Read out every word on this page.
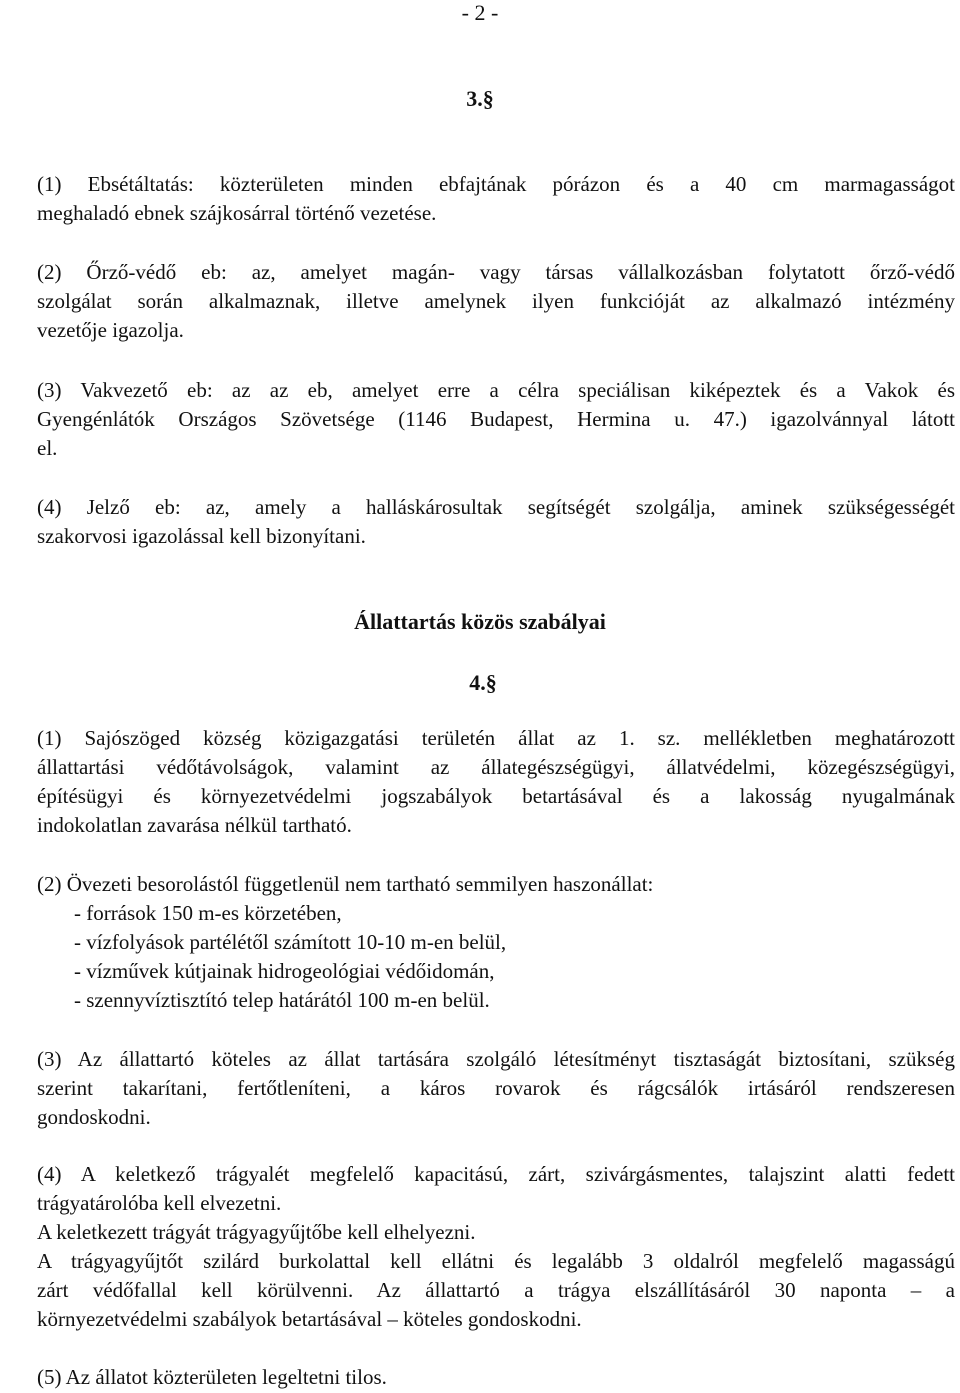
- 2 -
3.§
(1) Ebsétáltatás: közterületen minden ebfajtának pórázon és a 40 cm marmagasságot
meghaladó ebnek szájkosárral történő vezetése.
(2) Őrző-védő eb: az, amelyet magán- vagy társas vállalkozásban folytatott őrző-védő
szolgálat során alkalmaznak, illetve amelynek ilyen funkcióját az alkalmazó intézmény
vezetője igazolja.
(3) Vakvezető eb: az az eb, amelyet erre a célra speciálisan kiképeztek és a Vakok és
Gyengénlátók Országos Szövetsége (1146 Budapest, Hermina u. 47.) igazolvánnyal látott
el.
(4) Jelző eb: az, amely a halláskárosultak segítségét szolgálja, aminek szükségességét
szakorvosi igazolással kell bizonyítani.
Állattartás közös szabályai
4.§
(1) Sajószöged község közigazgatási területén állat az 1. sz. mellékletben meghatározott
állattartási védőtávolságok, valamint az állategészségügyi, állatvédelmi, közegészségügyi,
építésügyi és környezetvédelmi jogszabályok betartásával és a lakosság nyugalmának
indokolatlan zavarása nélkül tartható.
(2) Övezeti besorolástól függetlenül nem tartható semmilyen haszonállat:
- források 150 m-es körzetében,
- vízfolyások partélétől számított 10-10 m-en belül,
- vízművek kútjainak hidrogeológiai védőidomán,
- szennyvíztisztító telep határától 100 m-en belül.
(3) Az állattartó köteles az állat tartására szolgáló létesítményt tisztaságát biztosítani, szükség
szerint takarítani, fertőtleníteni, a káros rovarok és rágcsálók irtásáról rendszeresen
gondoskodni.
(4) A keletkező trágyalét megfelelő kapacitású, zárt, szivárgásmentes, talajszint alatti fedett
trágyatárolóba kell elvezetni.
A keletkezett trágyát trágyagyűjtőbe kell elhelyezni.
A trágyagyűjtőt szilárd burkolattal kell ellátni és legalább 3 oldalról megfelelő magasságú
zárt védőfallal kell körülvenni. Az állattartó a trágya elszállításáról 30 naponta – a
környezetvédelmi szabályok betartásával – köteles gondoskodni.
(5) Az állatot közterületen legeltetni tilos.
